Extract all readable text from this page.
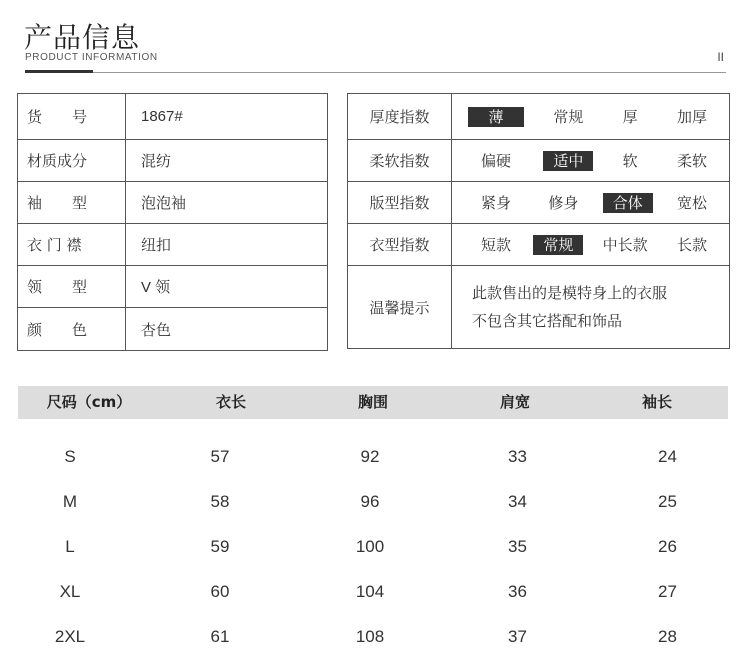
产品信息
PRODUCT INFORMATION	II
货　　号	1867#
材质成分	混纺
袖　　型	泡泡袖
衣 门 襟	纽扣
领　　型	V 领
颜　　色	杏色
厚度指数	薄 常规 厚 加厚

柔软指数	偏硬 适中 软 柔软

版型指数	紧身 修身 合体 宽松

衣型指数	短款 常规 中长款 长款

温馨提示	此款售出的是模特身上的衣服
不包含其它搭配和饰品
尺码（cm）	衣长	胸围	肩宽	袖长
S	57	92	33	24
M	58	96	34	25
L	59	100	35	26
XL	60	104	36	27
2XL	61	108	37	28
